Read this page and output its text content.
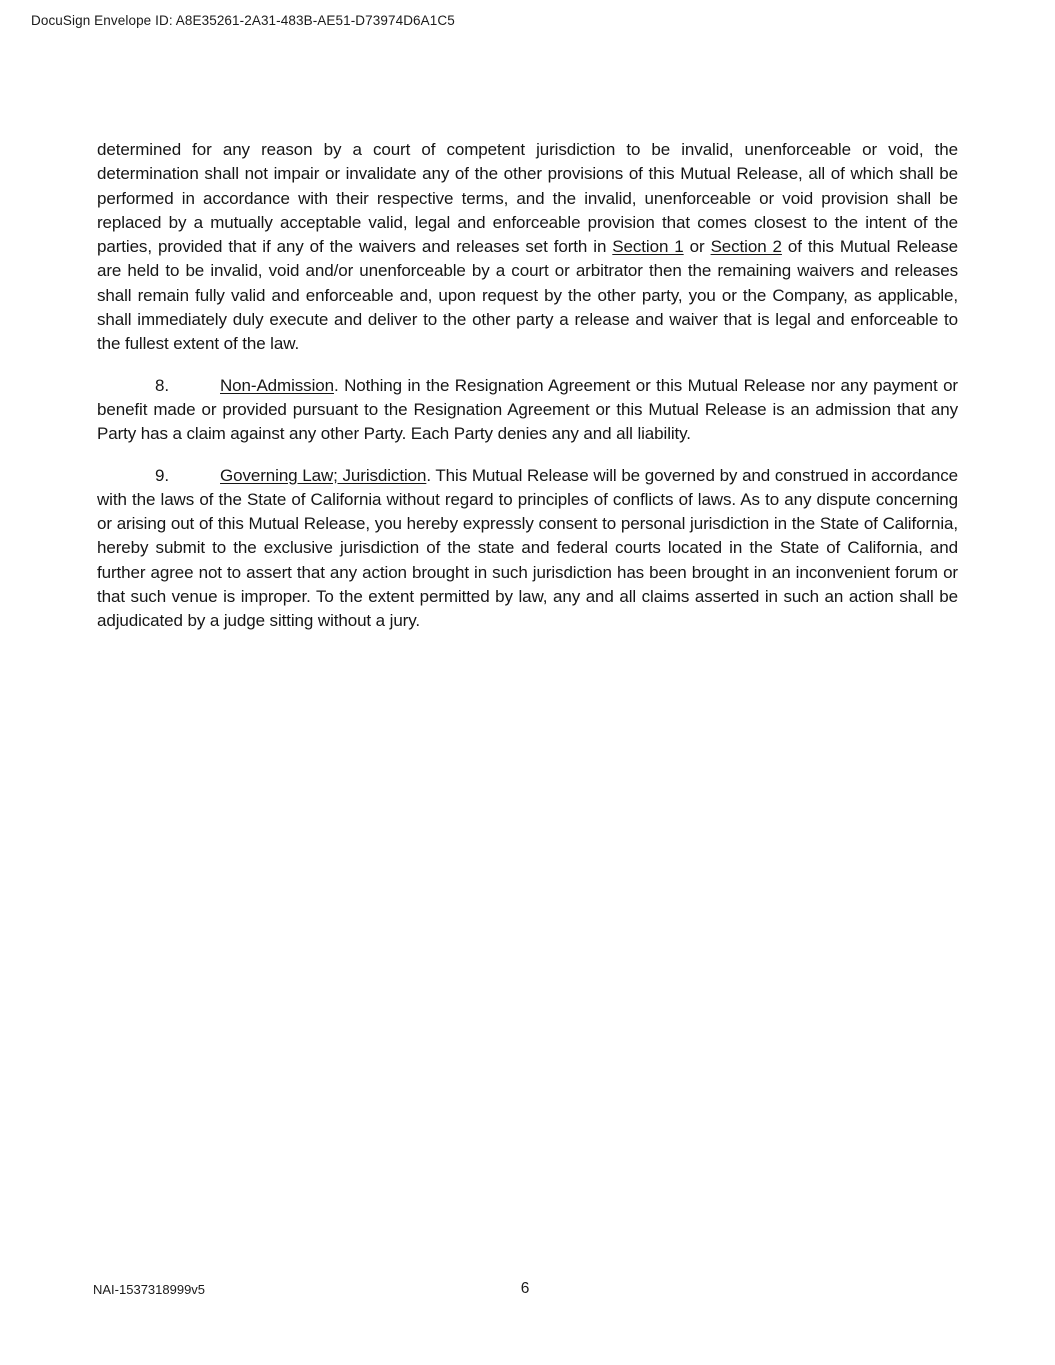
DocuSign Envelope ID: A8E35261-2A31-483B-AE51-D73974D6A1C5

determined for any reason by a court of competent jurisdiction to be invalid, unenforceable or void, the determination shall not impair or invalidate any of the other provisions of this Mutual Release, all of which shall be performed in accordance with their respective terms, and the invalid, unenforceable or void provision shall be replaced by a mutually acceptable valid, legal and enforceable provision that comes closest to the intent of the parties, provided that if any of the waivers and releases set forth in Section 1 or Section 2 of this Mutual Release are held to be invalid, void and/or unenforceable by a court or arbitrator then the remaining waivers and releases shall remain fully valid and enforceable and, upon request by the other party, you or the Company, as applicable, shall immediately duly execute and deliver to the other party a release and waiver that is legal and enforceable to the fullest extent of the law.

8.	Non-Admission. Nothing in the Resignation Agreement or this Mutual Release nor any payment or benefit made or provided pursuant to the Resignation Agreement or this Mutual Release is an admission that any Party has a claim against any other Party. Each Party denies any and all liability.

9.	Governing Law; Jurisdiction. This Mutual Release will be governed by and construed in accordance with the laws of the State of California without regard to principles of conflicts of laws. As to any dispute concerning or arising out of this Mutual Release, you hereby expressly consent to personal jurisdiction in the State of California, hereby submit to the exclusive jurisdiction of the state and federal courts located in the State of California, and further agree not to assert that any action brought in such jurisdiction has been brought in an inconvenient forum or that such venue is improper. To the extent permitted by law, any and all claims asserted in such an action shall be adjudicated by a judge sitting without a jury.

NAI-1537318999v5	6
